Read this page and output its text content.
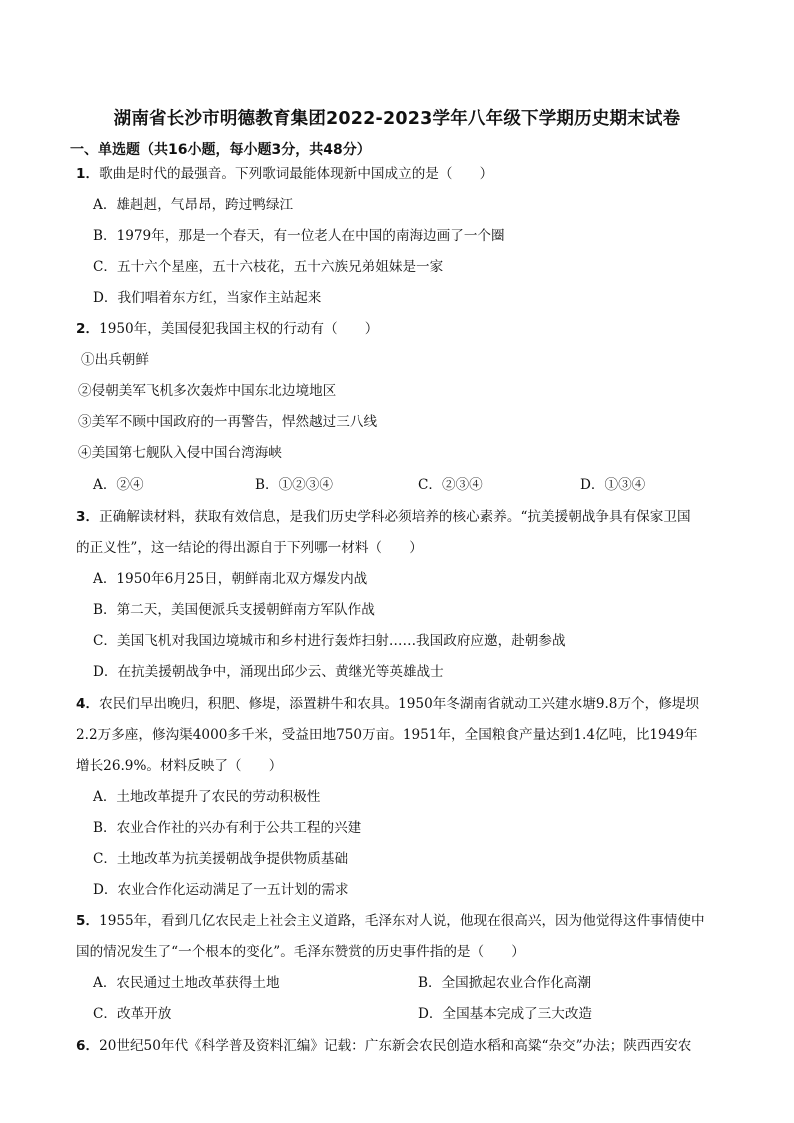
湖南省长沙市明德教育集团2022-2023学年八年级下学期历史期末试卷
一、单选题（共16小题，每小题3分，共48分）
1．歌曲是时代的最强音。下列歌词最能体现新中国成立的是（　　）
A．雄赳赳，气昂昂，跨过鸭绿江
B．1979年，那是一个春天，有一位老人在中国的南海边画了一个圈
C．五十六个星座，五十六枝花，五十六族兄弟姐妹是一家
D．我们唱着东方红，当家作主站起来
2．1950年，美国侵犯我国主权的行动有（　　）
①出兵朝鲜
②侵朝美军飞机多次轰炸中国东北边境地区
③美军不顾中国政府的一再警告，悍然越过三八线
④美国第七舰队入侵中国台湾海峡
A．②④	B．①②③④	C．②③④	D．①③④
3．正确解读材料，获取有效信息，是我们历史学科必须培养的核心素养。“抗美援朝战争具有保家卫国
的正义性”，这一结论的得出源自于下列哪一材料（　　）
A．1950年6月25日，朝鲜南北双方爆发内战
B．第二天，美国便派兵支援朝鲜南方军队作战
C．美国飞机对我国边境城市和乡村进行轰炸扫射……我国政府应邀，赴朝参战
D．在抗美援朝战争中，涌现出邱少云、黄继光等英雄战士
4．农民们早出晚归，积肥、修堤，添置耕牛和农具。1950年冬湖南省就动工兴建水塘9.8万个，修堤坝
2.2万多座，修沟渠4000多千米，受益田地750万亩。1951年，全国粮食产量达到1.4亿吨，比1949年
增长26.9%。材料反映了（　　）
A．土地改革提升了农民的劳动积极性
B．农业合作社的兴办有利于公共工程的兴建
C．土地改革为抗美援朝战争提供物质基础
D．农业合作化运动满足了一五计划的需求
5．1955年，看到几亿农民走上社会主义道路，毛泽东对人说，他现在很高兴，因为他觉得这件事情使中
国的情况发生了“一个根本的变化”。毛泽东赞赏的历史事件指的是（　　）
A．农民通过土地改革获得土地	B．全国掀起农业合作化高潮
C．改革开放	D．全国基本完成了三大改造
6．20世纪50年代《科学普及资料汇编》记载：广东新会农民创造水稻和高粱“杂交”办法；陕西西安农
